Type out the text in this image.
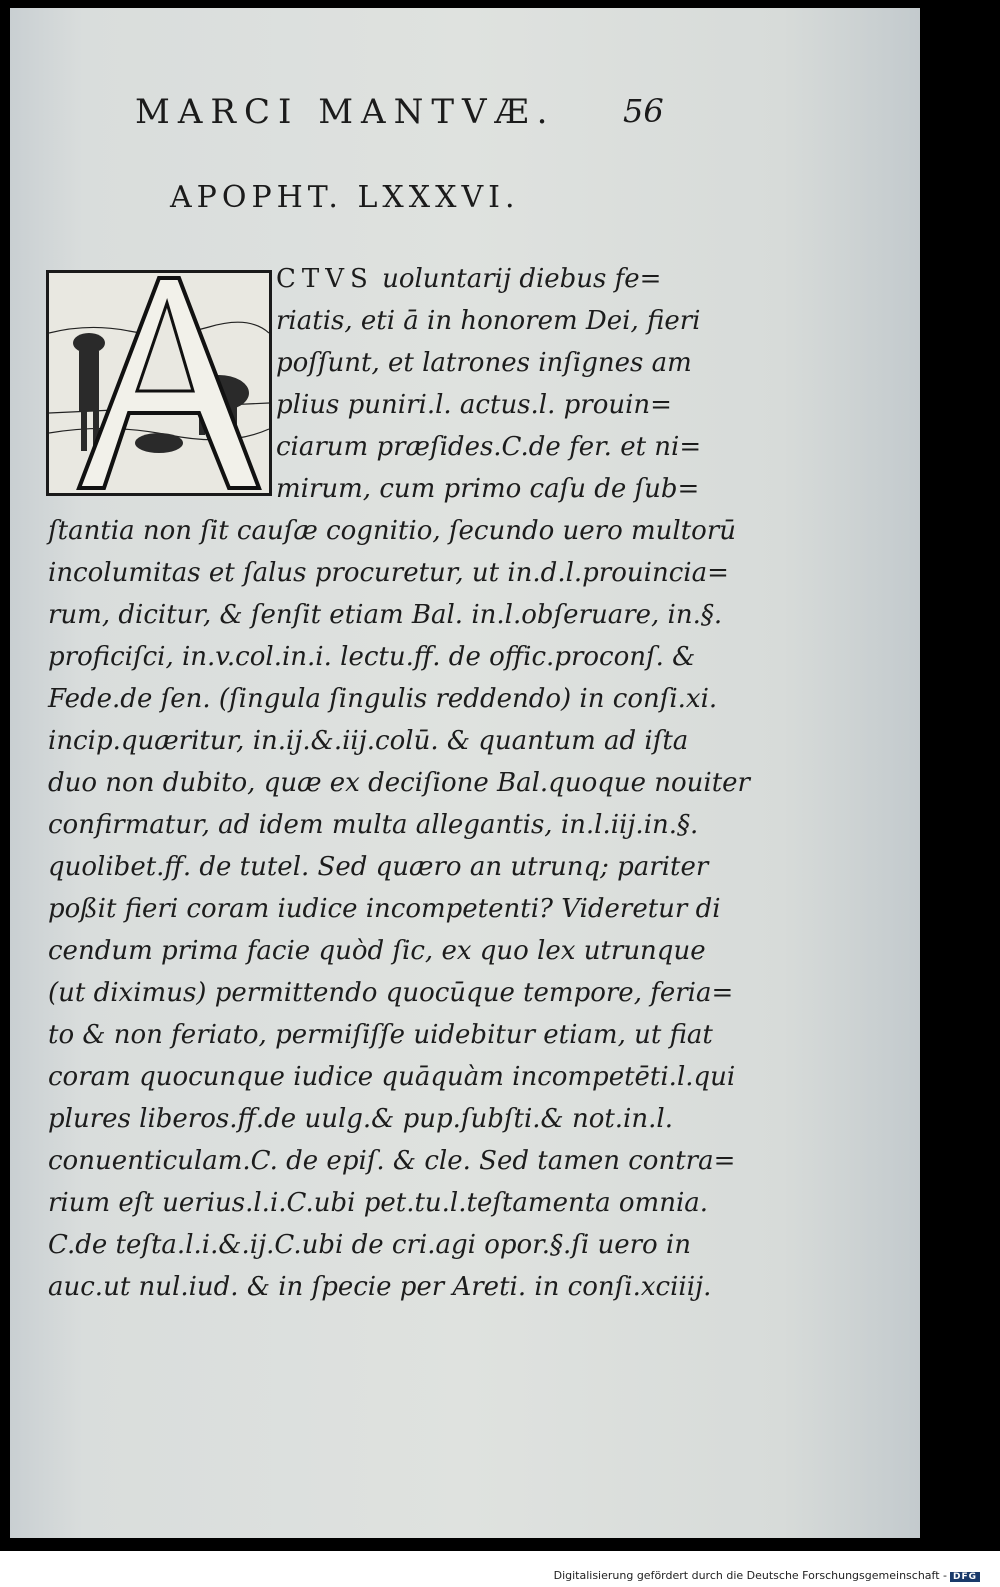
MARCI MANTVÆ.	56
APOPHT. LXXXVI.
CTVS uoluntarij diebus fe=
riatis, eti ā in honorem Dei, fieri
poſſunt, et latrones inſignes am
plius puniri.l. actus.l. prouin=
ciarum præſides.C.de fer. et ni=
mirum, cum primo caſu de ſub=
ſtantia non ſit cauſæ cognitio, ſecundo uero multorū
incolumitas et ſalus procuretur, ut in.d.l.prouincia=
rum, dicitur, & ſenſit etiam Bal. in.l.obſeruare, in.§.
proficiſci, in.v.col.in.i. lectu.ff. de offic.proconſ. &
Fede.de ſen. (ſingula ſingulis reddendo) in conſi.xi.
incip.quæritur, in.ij.&.iij.colū. & quantum ad iſta
duo non dubito, quæ ex deciſione Bal.quoque nouiter
confirmatur, ad idem multa allegantis, in.l.iij.in.§.
quolibet.ff. de tutel. Sed quæro an utrunq; pariter
poßit fieri coram iudice incompetenti? Videretur di
cendum prima facie quòd ſic, ex quo lex utrunque
(ut diximus) permittendo quocūque tempore, feria=
to & non feriato, permiſiſſe uidebitur etiam, ut fiat
coram quocunque iudice quāquàm incompetēti.l.qui
plures liberos.ff.de uulg.& pup.ſubſti.& not.in.l.
conuenticulam.C. de epiſ. & cle. Sed tamen contra=
rium eſt uerius.l.i.C.ubi pet.tu.l.teſtamenta omnia.
C.de teſta.l.i.&.ij.C.ubi de cri.agi opor.§.ſi uero in
auc.ut nul.iud. & in ſpecie per Areti. in conſi.xciiij.
Digitalisierung gefördert durch die Deutsche Forschungsgemeinschaft - DFG
